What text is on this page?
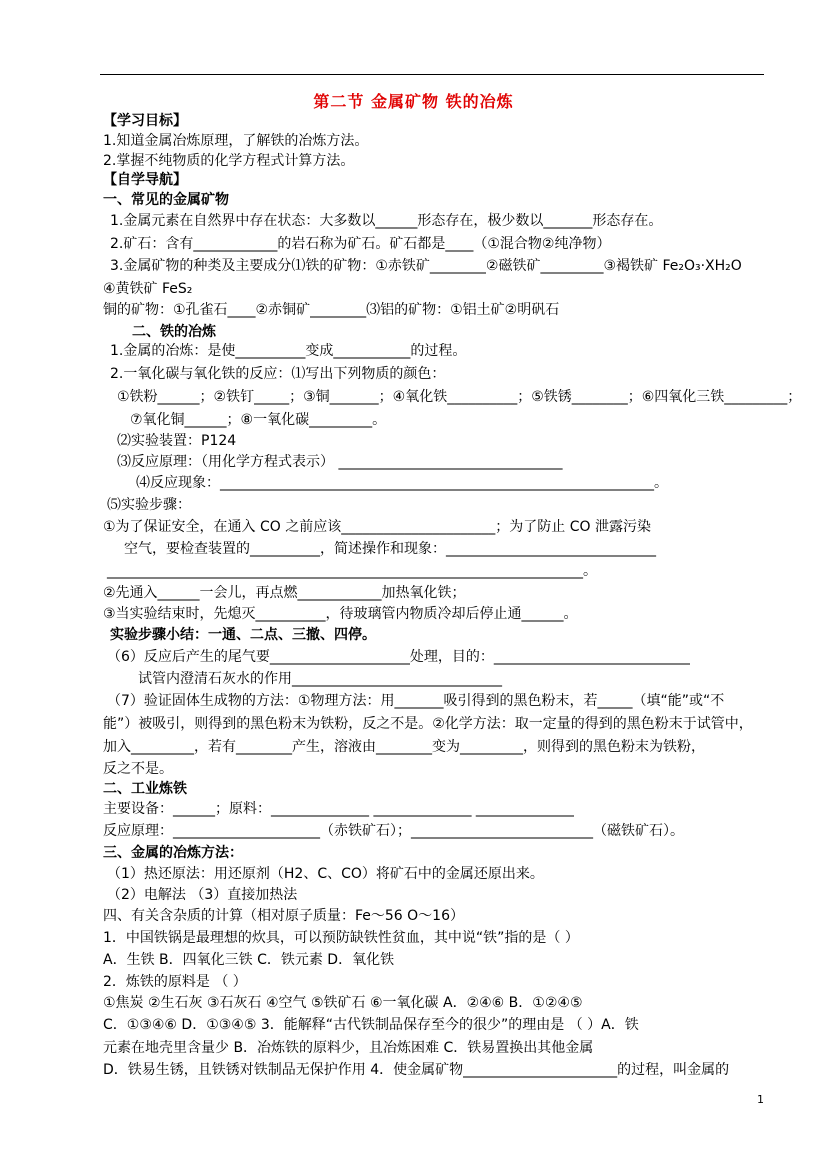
第二节 金属矿物 铁的冶炼
【学习目标】
1.知道金属冶炼原理，了解铁的冶炼方法。
2.掌握不纯物质的化学方程式计算方法。
【自学导航】
一、常见的金属矿物
1.金属元素在自然界中存在状态：大多数以______形态存在，极少数以_______形态存在。
2.矿石：含有____________的岩石称为矿石。矿石都是____（①混合物②纯净物）
3.金属矿物的种类及主要成分⑴铁的矿物：①赤铁矿________②磁铁矿_________③褐铁矿 Fe₂O₃·XH₂O
④黄铁矿 FeS₂
铜的矿物：①孔雀石____②赤铜矿________⑶铝的矿物：①铝土矿②明矾石
二、铁的冶炼
1.金属的冶炼：是使__________变成___________的过程。
2.一氧化碳与氧化铁的反应：⑴写出下列物质的颜色：
①铁粉______；②铁钉_____；③铜_______；④氧化铁__________；⑤铁锈________；⑥四氧化三铁_________；
⑦氧化铜______；⑧一氧化碳_________。
⑵实验装置：P124
⑶反应原理：（用化学方程式表示） ________________________________
⑷反应现象：______________________________________________________________。
⑸实验步骤：
①为了保证安全，在通入 CO 之前应该______________________；为了防止 CO 泄露污染
空气，要检查装置的__________，简述操作和现象：______________________________
____________________________________________________________________。
②先通入______一会儿，再点燃____________加热氧化铁；
③当实验结束时，先熄灭__________，待玻璃管内物质冷却后停止通______。
实验步骤小结：一通、二点、三撤、四停。
（6）反应后产生的尾气要____________________处理，目的：____________________________
试管内澄清石灰水的作用______________________________
（7）验证固体生成物的方法：①物理方法：用_______吸引得到的黑色粉末，若_____（填“能”或“不
能”）被吸引，则得到的黑色粉末为铁粉，反之不是。②化学方法：取一定量的得到的黑色粉末于试管中，
加入_________，若有________产生，溶液由________变为_________，则得到的黑色粉末为铁粉，
反之不是。
二、工业炼铁
主要设备：______；原料：______________ ______________ ______________
反应原理：_____________________（赤铁矿石）；__________________________（磁铁矿石）。
三、金属的冶炼方法：
（1）热还原法：用还原剂（H2、C、CO）将矿石中的金属还原出来。
（2）电解法 （3）直接加热法
四、有关含杂质的计算（相对原子质量：Fe～56 O～16）
1．中国铁锅是最理想的炊具，可以预防缺铁性贫血，其中说“铁”指的是（ ）
A．生铁 B．四氧化三铁 C．铁元素 D．氧化铁
2．炼铁的原料是 （ ）
①焦炭 ②生石灰 ③石灰石 ④空气 ⑤铁矿石 ⑥一氧化碳 A．②④⑥ B．①②④⑤
C．①③④⑥ D．①③④⑤ 3．能解释“古代铁制品保存至今的很少”的理由是 （ ）A．铁
元素在地壳里含量少 B．冶炼铁的原料少，且冶炼困难 C．铁易置换出其他金属
D．铁易生锈，且铁锈对铁制品无保护作用 4．使金属矿物______________________的过程，叫金属的
1
